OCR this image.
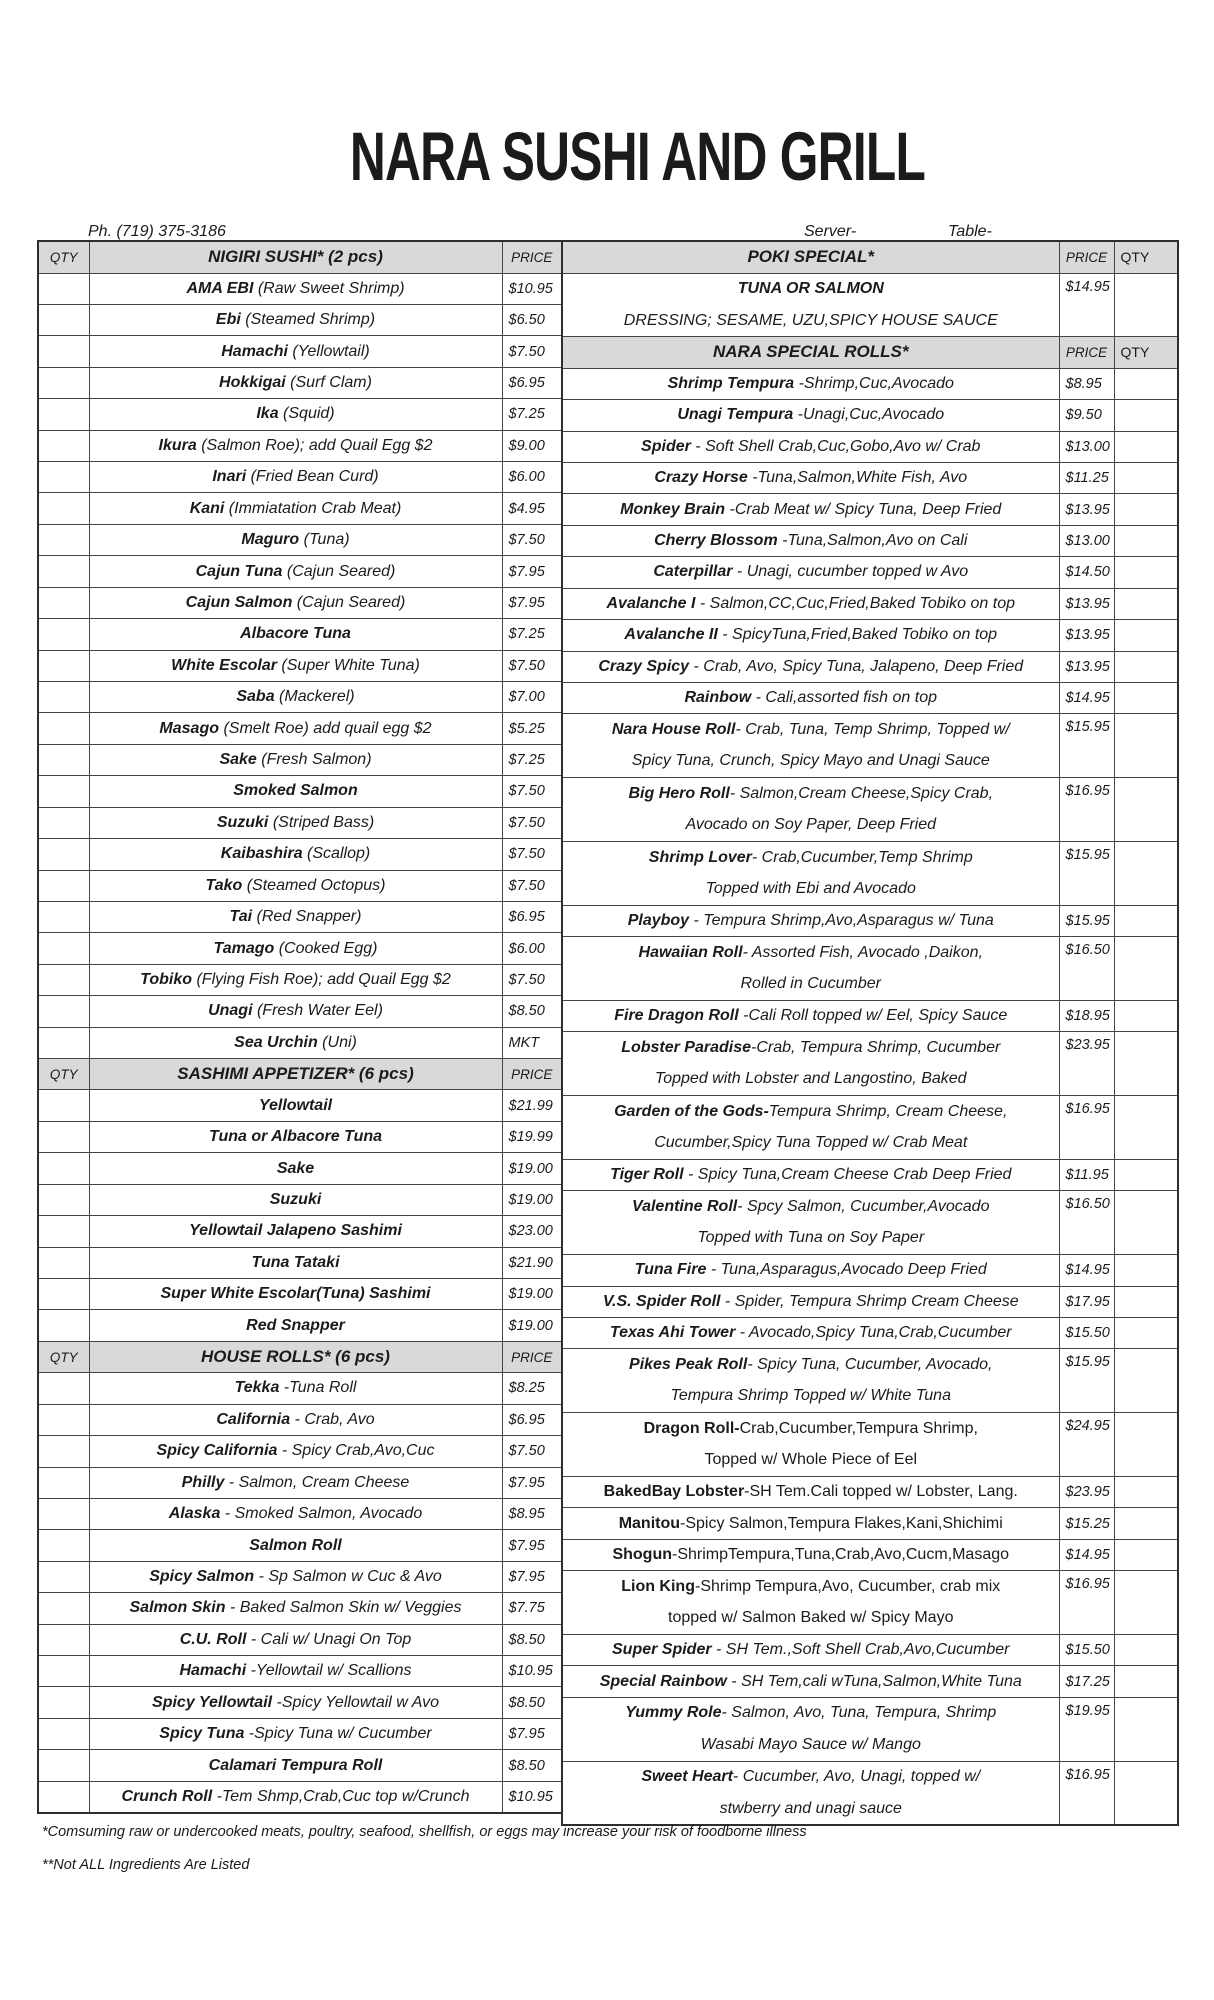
NARA SUSHI AND GRILL
Ph. (719) 375-3186	Server-	Table-
QTY	NIGIRI SUSHI* (2 pcs)	PRICE
	AMA EBI (Raw Sweet Shrimp)	$10.95
	Ebi (Steamed Shrimp)	$6.50
	Hamachi (Yellowtail)	$7.50
	Hokkigai (Surf Clam)	$6.95
	Ika (Squid)	$7.25
	Ikura (Salmon Roe); add Quail Egg $2	$9.00
	Inari (Fried Bean Curd)	$6.00
	Kani (Immiatation Crab Meat)	$4.95
	Maguro (Tuna)	$7.50
	Cajun Tuna (Cajun Seared)	$7.95
	Cajun Salmon (Cajun Seared)	$7.95
	Albacore Tuna	$7.25
	White Escolar (Super White Tuna)	$7.50
	Saba (Mackerel)	$7.00
	Masago (Smelt Roe) add quail egg $2	$5.25
	Sake (Fresh Salmon)	$7.25
	Smoked Salmon	$7.50
	Suzuki (Striped Bass)	$7.50
	Kaibashira (Scallop)	$7.50
	Tako (Steamed Octopus)	$7.50
	Tai (Red Snapper)	$6.95
	Tamago (Cooked Egg)	$6.00
	Tobiko (Flying Fish Roe); add Quail Egg $2	$7.50
	Unagi (Fresh Water Eel)	$8.50
	Sea Urchin (Uni)	MKT
QTY	SASHIMI APPETIZER* (6 pcs)	PRICE
	Yellowtail	$21.99
	Tuna or Albacore Tuna	$19.99
	Sake	$19.00
	Suzuki	$19.00
	Yellowtail Jalapeno Sashimi	$23.00
	Tuna Tataki	$21.90
	Super White Escolar(Tuna) Sashimi	$19.00
	Red Snapper	$19.00
QTY	HOUSE ROLLS* (6 pcs)	PRICE
	Tekka -Tuna Roll	$8.25
	California - Crab, Avo	$6.95
	Spicy California - Spicy Crab,Avo,Cuc	$7.50
	Philly - Salmon, Cream Cheese	$7.95
	Alaska - Smoked Salmon, Avocado	$8.95
	Salmon Roll	$7.95
	Spicy Salmon - Sp Salmon w Cuc & Avo	$7.95
	Salmon Skin - Baked Salmon Skin w/ Veggies	$7.75
	C.U. Roll - Cali w/ Unagi On Top	$8.50
	Hamachi -Yellowtail w/ Scallions	$10.95
	Spicy Yellowtail -Spicy Yellowtail w Avo	$8.50
	Spicy Tuna -Spicy Tuna w/ Cucumber	$7.95
	Calamari Tempura Roll	$8.50
	Crunch Roll -Tem Shmp,Crab,Cuc top w/Crunch	$10.95
POKI SPECIAL*	PRICE	QTY

TUNA OR SALMON
DRESSING; SESAME, UZU,SPICY HOUSE SAUCE	$14.95	
NARA SPECIAL ROLLS*	PRICE	QTY
Shrimp Tempura -Shrimp,Cuc,Avocado	$8.95	
Unagi Tempura -Unagi,Cuc,Avocado	$9.50	
Spider - Soft Shell Crab,Cuc,Gobo,Avo w/ Crab	$13.00	
Crazy Horse -Tuna,Salmon,White Fish, Avo	$11.25	
Monkey Brain -Crab Meat w/ Spicy Tuna, Deep Fried	$13.95	
Cherry Blossom -Tuna,Salmon,Avo on Cali	$13.00	
Caterpillar - Unagi, cucumber topped w Avo	$14.50	
Avalanche I - Salmon,CC,Cuc,Fried,Baked Tobiko on top	$13.95	
Avalanche II - SpicyTuna,Fried,Baked Tobiko on top	$13.95	
Crazy Spicy - Crab, Avo, Spicy Tuna, Jalapeno, Deep Fried	$13.95	
Rainbow - Cali,assorted fish on top	$14.95	

Nara House Roll - Crab, Tuna, Temp Shrimp, Topped w/
Spicy Tuna, Crunch, Spicy Mayo and Unagi Sauce	$15.95	

Big Hero Roll - Salmon,Cream Cheese,Spicy Crab,
Avocado on Soy Paper, Deep Fried	$16.95	

Shrimp Lover - Crab,Cucumber,Temp Shrimp
Topped with Ebi and Avocado	$15.95	
Playboy - Tempura Shrimp,Avo,Asparagus w/ Tuna	$15.95	

Hawaiian Roll - Assorted Fish, Avocado ,Daikon,
Rolled in Cucumber	$16.50	
Fire Dragon Roll -Cali Roll topped w/ Eel, Spicy Sauce	$18.95	

Lobster Paradise -Crab, Tempura Shrimp, Cucumber
Topped with Lobster and Langostino, Baked	$23.95	

Garden of the Gods- Tempura Shrimp, Cream Cheese,
Cucumber,Spicy Tuna Topped w/ Crab Meat	$16.95	
Tiger Roll - Spicy Tuna,Cream Cheese Crab Deep Fried	$11.95	

Valentine Roll - Spcy Salmon, Cucumber,Avocado
Topped with Tuna on Soy Paper	$16.50	
Tuna Fire - Tuna,Asparagus,Avocado Deep Fried	$14.95	
V.S. Spider Roll - Spider, Tempura Shrimp Cream Cheese	$17.95	
Texas Ahi Tower - Avocado,Spicy Tuna,Crab,Cucumber	$15.50	

Pikes Peak Roll - Spicy Tuna, Cucumber, Avocado,
Tempura Shrimp Topped w/ White Tuna	$15.95	

Dragon Roll- Crab,Cucumber,Tempura Shrimp,
Topped w/ Whole Piece of Eel	$24.95	
BakedBay Lobster-SH Tem.Cali topped w/ Lobster, Lang.	$23.95	
Manitou-Spicy Salmon,Tempura Flakes,Kani,Shichimi	$15.25	
Shogun-ShrimpTempura,Tuna,Crab,Avo,Cucm,Masago	$14.95	

Lion King -Shrimp Tempura,Avo, Cucumber, crab mix
topped w/ Salmon Baked w/ Spicy Mayo	$16.95	
Super Spider - SH Tem.,Soft Shell Crab,Avo,Cucumber	$15.50	
Special Rainbow - SH Tem,cali wTuna,Salmon,White Tuna	$17.25	

Yummy Role - Salmon, Avo, Tuna, Tempura, Shrimp
Wasabi Mayo Sauce w/ Mango	$19.95	

Sweet Heart - Cucumber, Avo, Unagi, topped w/
stwberry and unagi sauce	$16.95	
*Comsuming raw or undercooked meats, poultry, seafood, shellfish, or eggs may increase your risk of foodborne illness
**Not ALL Ingredients Are Listed
